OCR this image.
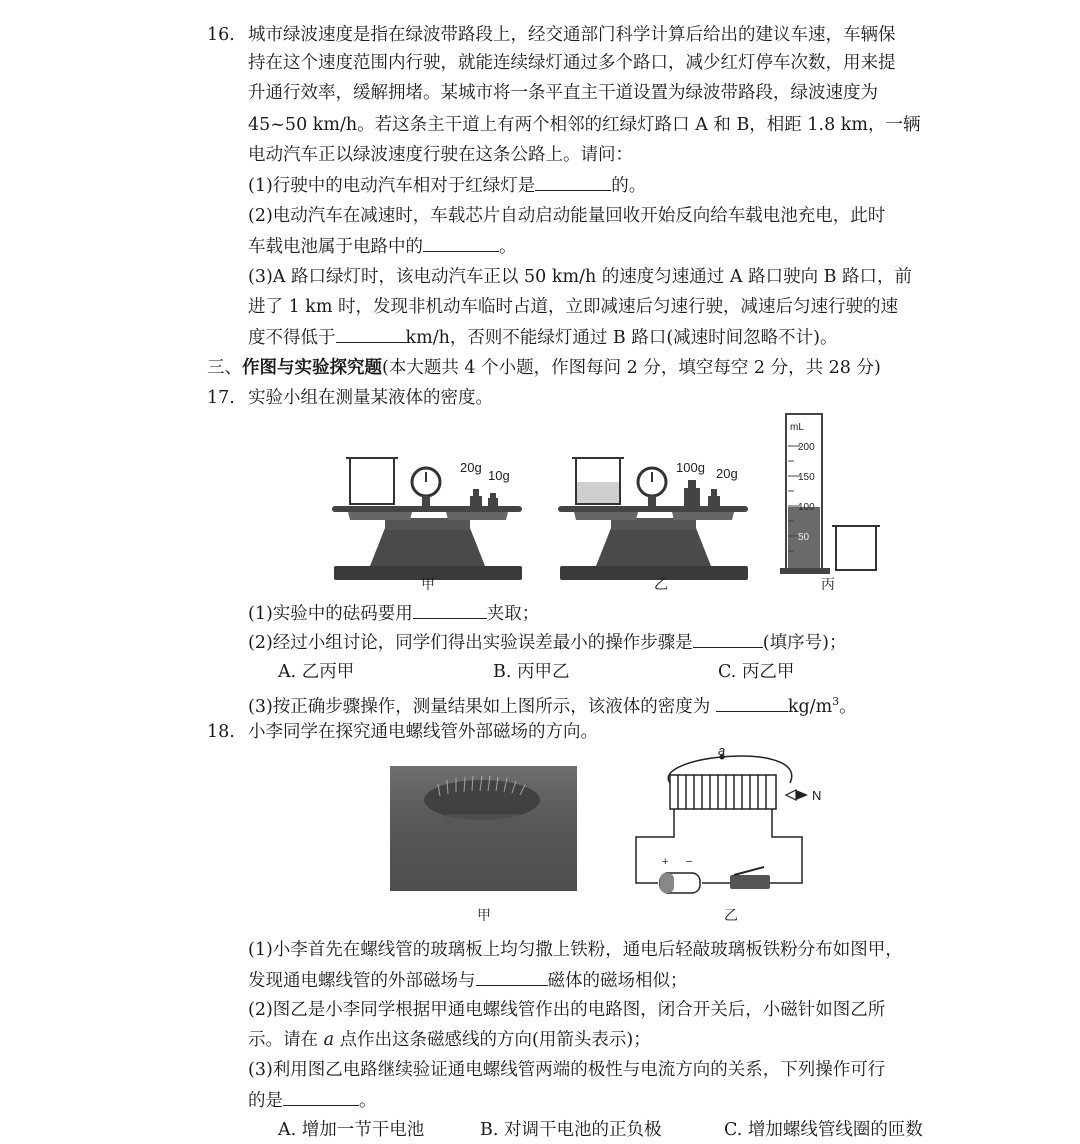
16. 城市绿波速度是指在绿波带路段上，经交通部门科学计算后给出的建议车速，车辆保
持在这个速度范围内行驶，就能连续绿灯通过多个路口，减少红灯停车次数，用来提
升通行效率，缓解拥堵。某城市将一条平直主干道设置为绿波带路段，绿波速度为
45~50 km/h。若这条主干道上有两个相邻的红绿灯路口 A 和 B，相距 1.8 km，一辆
电动汽车正以绿波速度行驶在这条公路上。请问：
(1)行驶中的电动汽车相对于红绿灯是	的。
(2)电动汽车在减速时，车载芯片自动启动能量回收开始反向给车载电池充电，此时
车载电池属于电路中的	。
(3)A 路口绿灯时，该电动汽车正以 50 km/h 的速度匀速通过 A 路口驶向 B 路口，前
进了 1 km 时，发现非机动车临时占道，立即减速后匀速行驶，减速后匀速行驶的速
度不得低于	km/h，否则不能绿灯通过 B 路口(减速时间忽略不计)。
三、作图与实验探究题(本大题共 4 个小题，作图每问 2 分，填空每空 2 分，共 28 分)
17. 实验小组在测量某液体的密度。
20g
10g
100g 20g
mL
200
150
100
50
甲	乙	丙
(1)实验中的砝码要用	夹取；
(2)经过小组讨论，同学们得出实验误差最小的操作步骤是	(填序号)；
A. 乙丙甲	B. 丙甲乙	C. 丙乙甲
(3)按正确步骤操作，测量结果如上图所示，该液体的密度为	$kg/m^3$。
18. 小李同学在探究通电螺线管外部磁场的方向。
a
N
+ −
甲	乙
(1)小李首先在螺线管的玻璃板上均匀撒上铁粉，通电后轻敲玻璃板铁粉分布如图甲，
发现通电螺线管的外部磁场与	磁体的磁场相似；
(2)图乙是小李同学根据甲通电螺线管作出的电路图，闭合开关后，小磁针如图乙所
示。请在 a 点作出这条磁感线的方向(用箭头表示)；
(3)利用图乙电路继续验证通电螺线管两端的极性与电流方向的关系，下列操作可行
的是	。
A. 增加一节干电池	B. 对调干电池的正负极	C. 增加螺线管线圈的匝数
